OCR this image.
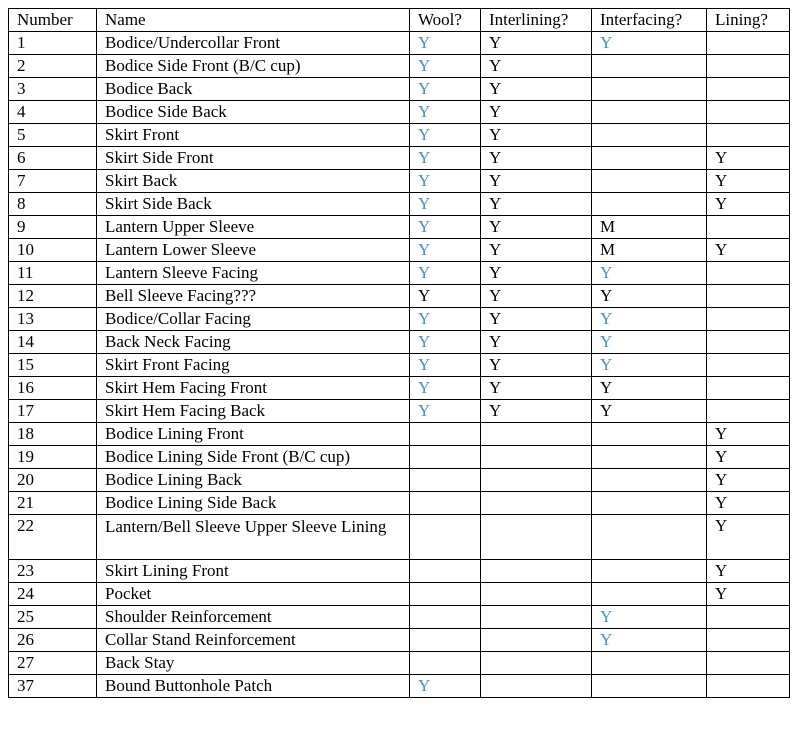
Number	Name	Wool?	Interlining?	Interfacing?	Lining?
1	Bodice/Undercollar Front	Y	Y	Y	
2	Bodice Side Front (B/C cup)	Y	Y		
3	Bodice Back	Y	Y		
4	Bodice Side Back	Y	Y		
5	Skirt Front	Y	Y		
6	Skirt Side Front	Y	Y		Y
7	Skirt Back	Y	Y		Y
8	Skirt Side Back	Y	Y		Y
9	Lantern Upper Sleeve	Y	Y	M	
10	Lantern Lower Sleeve	Y	Y	M	Y
11	Lantern Sleeve Facing	Y	Y	Y	
12	Bell Sleeve Facing???	Y	Y	Y	
13	Bodice/Collar Facing	Y	Y	Y	
14	Back Neck Facing	Y	Y	Y	
15	Skirt Front Facing	Y	Y	Y	
16	Skirt Hem Facing Front	Y	Y	Y	
17	Skirt Hem Facing Back	Y	Y	Y	
18	Bodice Lining Front				Y
19	Bodice Lining Side Front (B/C cup)				Y
20	Bodice Lining Back				Y
21	Bodice Lining Side Back				Y
22	Lantern/Bell Sleeve Upper Sleeve Lining				Y
23	Skirt Lining Front				Y
24	Pocket				Y
25	Shoulder Reinforcement			Y	
26	Collar Stand Reinforcement			Y	
27	Back Stay				
37	Bound Buttonhole Patch	Y			
